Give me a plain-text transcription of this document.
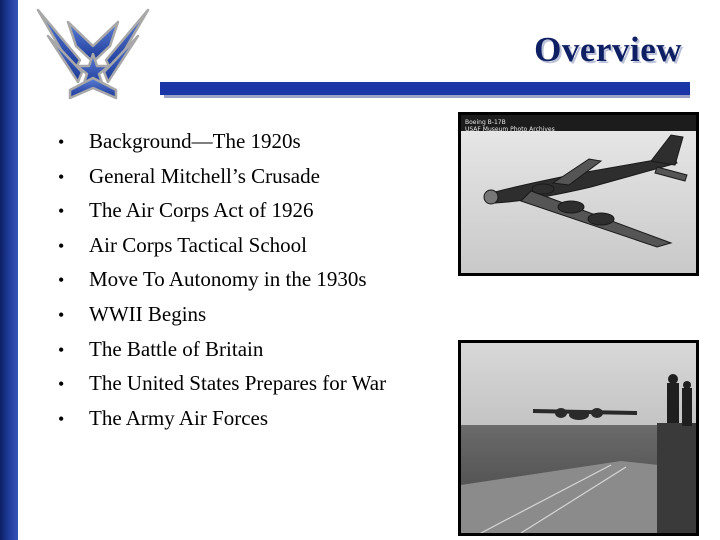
Overview
•	Background—The 1920s
•	General Mitchell’s Crusade
•	The Air Corps Act of 1926
•	Air Corps Tactical School
•	Move To Autonomy in the 1930s
•	WWII Begins
•	The Battle of Britain
•	The United States Prepares for War
•	The Army Air Forces
Boeing B-17B
USAF Museum Photo Archives
